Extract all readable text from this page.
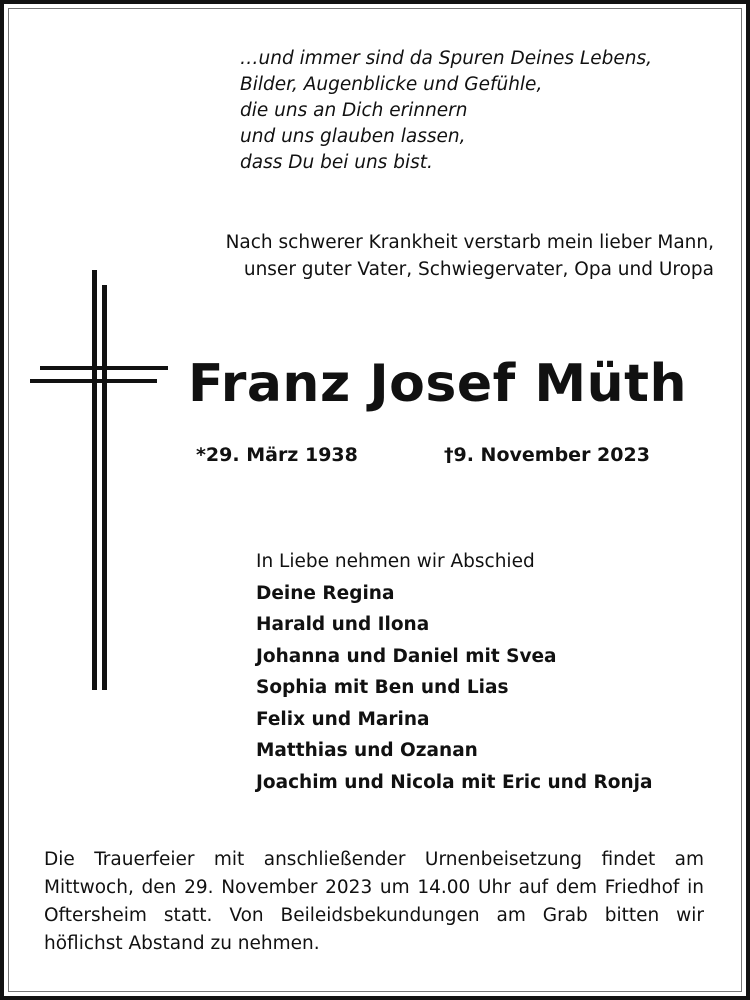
…und immer sind da Spuren Deines Lebens,
Bilder, Augenblicke und Gefühle,
die uns an Dich erinnern
und uns glauben lassen,
dass Du bei uns bist.
Nach schwerer Krankheit verstarb mein lieber Mann,
unser guter Vater, Schwiegervater, Opa und Uropa
Franz Josef Müth
*29. März 1938	†9. November 2023
In Liebe nehmen wir Abschied
Deine Regina
Harald und Ilona
Johanna und Daniel mit Svea
Sophia mit Ben und Lias
Felix und Marina
Matthias und Ozanan
Joachim und Nicola mit Eric und Ronja
Die Trauerfeier mit anschließender Urnenbeisetzung findet am Mittwoch, den 29. November 2023 um 14.00 Uhr auf dem Friedhof in Oftersheim statt. Von Beileidsbekundungen am Grab bitten wir höflichst Abstand zu nehmen.
